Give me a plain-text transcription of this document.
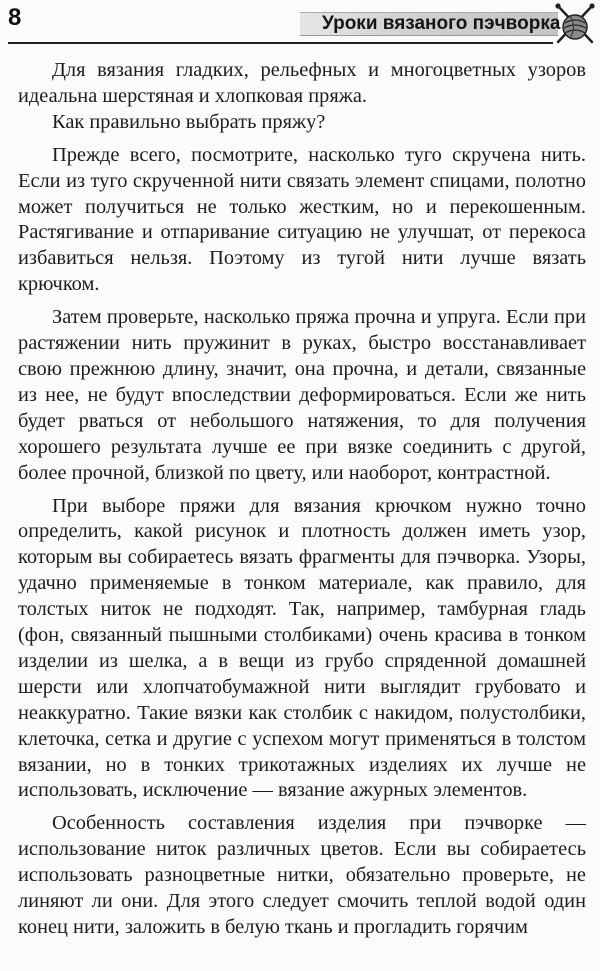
8	Уроки вязаного пэчворка

Для вязания гладких, рельефных и многоцветных узоров идеальна шерстяная и хлопковая пряжа.

Как правильно выбрать пряжу?

Прежде всего, посмотрите, насколько туго скручена нить. Если из туго скрученной нити связать элемент спицами, полотно может получиться не только жестким, но и перекошенным. Растягивание и отпаривание ситуацию не улучшат, от перекоса избавиться нельзя. Поэтому из тугой нити лучше вязать крючком.

Затем проверьте, насколько пряжа прочна и упруга. Если при растяжении нить пружинит в руках, быстро восстанавливает свою прежнюю длину, значит, она прочна, и детали, связанные из нее, не будут впоследствии деформироваться. Если же нить будет рваться от небольшого натяжения, то для получения хорошего результата лучше ее при вязке соединить с другой, более прочной, близкой по цвету, или наоборот, контрастной.

При выборе пряжи для вязания крючком нужно точно определить, какой рисунок и плотность должен иметь узор, которым вы собираетесь вязать фрагменты для пэчворка. Узоры, удачно применяемые в тонком материале, как правило, для толстых ниток не подходят. Так, например, тамбурная гладь (фон, связанный пышными столбиками) очень красива в тонком изделии из шелка, а в вещи из грубо спряденной домашней шерсти или хлопчатобумажной нити выглядит грубовато и неаккуратно. Такие вязки как столбик с накидом, полустолбики, клеточка, сетка и другие с успехом могут применяться в толстом вязании, но в тонких трикотажных изделиях их лучше не использовать, исключение — вязание ажурных элементов.

Особенность составления изделия при пэчворке — использование ниток различных цветов. Если вы собираетесь использовать разноцветные нитки, обязательно проверьте, не линяют ли они. Для этого следует смочить теплой водой один конец нити, заложить в белую ткань и прогладить горячим
